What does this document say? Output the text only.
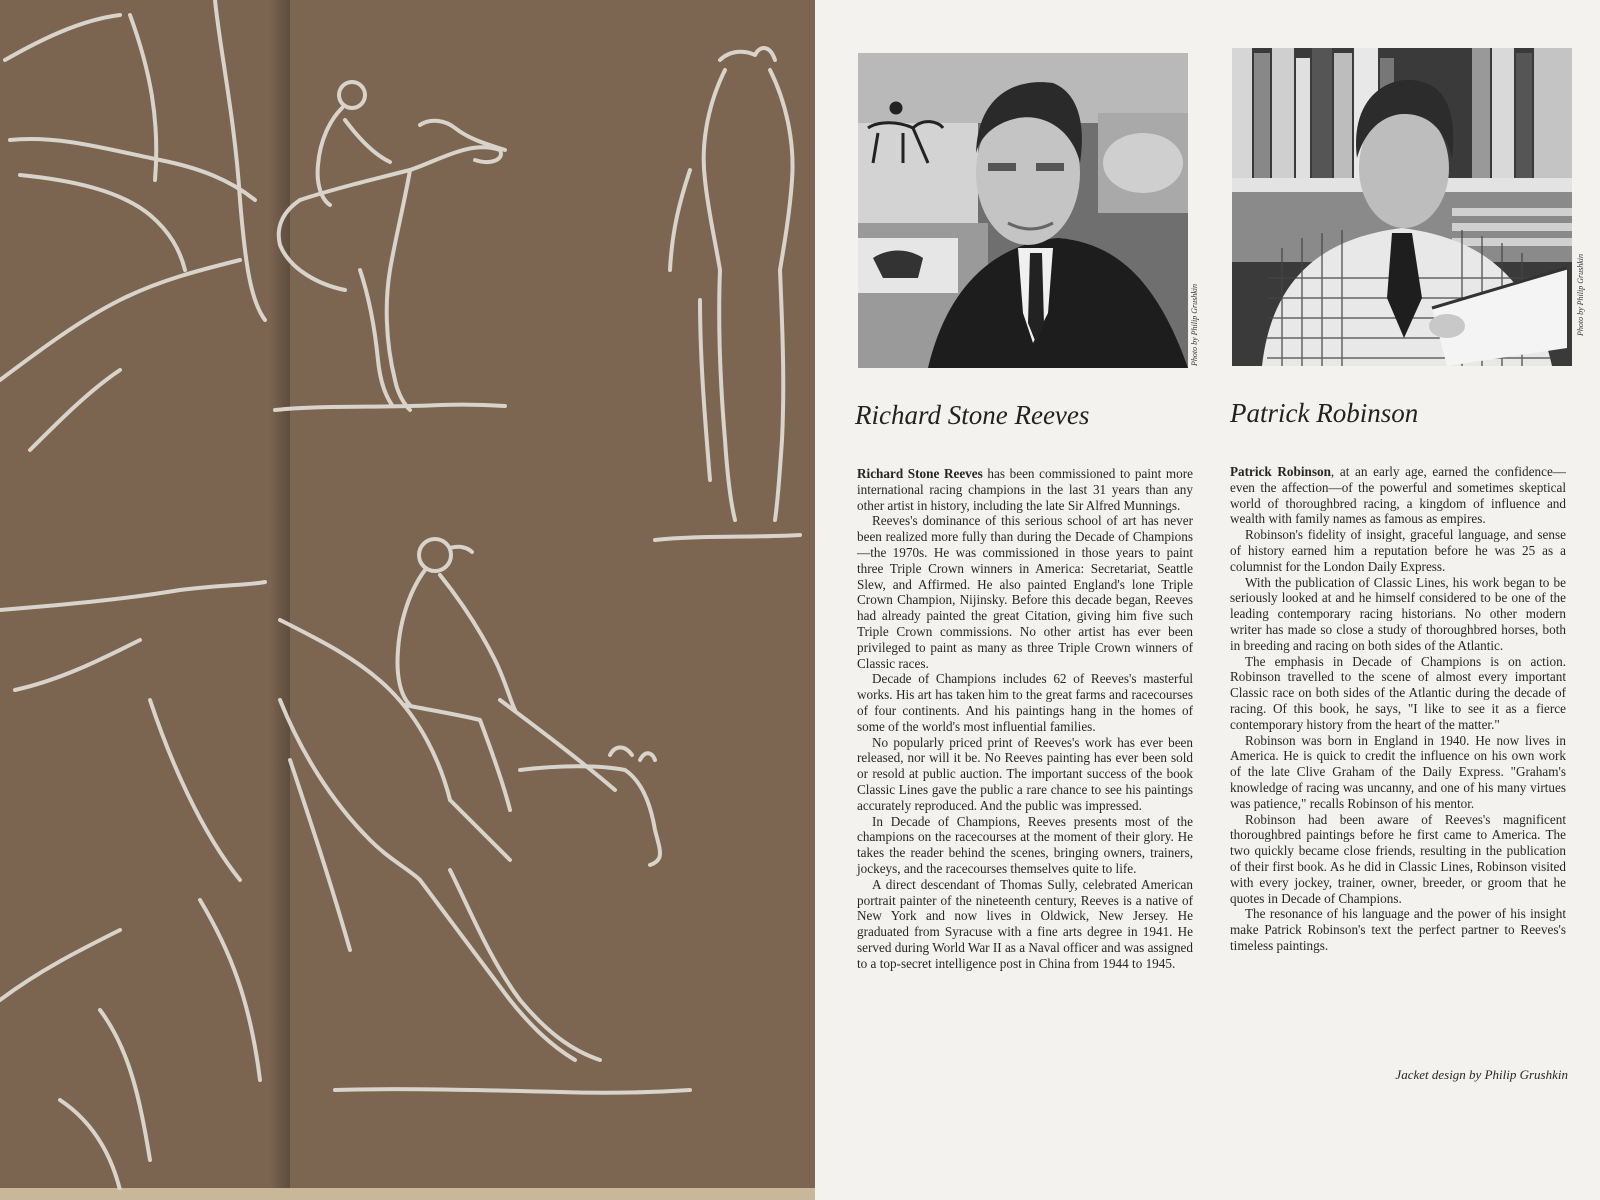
Photo by Philip Grushkin	Photo by Philip Grushkin
Richard Stone Reeves	Patrick Robinson

Richard Stone Reeves has been commissioned to paint more international racing champions in the last 31 years than any other artist in history, including the late Sir Alfred Munnings.

Reeves's dominance of this serious school of art has never been realized more fully than during the Decade of Champions—the 1970s. He was commissioned in those years to paint three Triple Crown winners in America: Secretariat, Seattle Slew, and Affirmed. He also painted England's lone Triple Crown Champion, Nijinsky. Before this decade began, Reeves had already painted the great Citation, giving him five such Triple Crown commissions. No other artist has ever been privileged to paint as many as three Triple Crown winners of Classic races.

Decade of Champions includes 62 of Reeves's masterful works. His art has taken him to the great farms and racecourses of four continents. And his paintings hang in the homes of some of the world's most influential families.

No popularly priced print of Reeves's work has ever been released, nor will it be. No Reeves painting has ever been sold or resold at public auction. The important success of the book Classic Lines gave the public a rare chance to see his paintings accurately reproduced. And the public was impressed.

In Decade of Champions, Reeves presents most of the champions on the racecourses at the moment of their glory. He takes the reader behind the scenes, bringing owners, trainers, jockeys, and the racecourses themselves quite to life.

A direct descendant of Thomas Sully, celebrated American portrait painter of the nineteenth century, Reeves is a native of New York and now lives in Oldwick, New Jersey. He graduated from Syracuse with a fine arts degree in 1941. He served during World War II as a Naval officer and was assigned to a top-secret intelligence post in China from 1944 to 1945.

Patrick Robinson, at an early age, earned the confidence—even the affection—of the powerful and sometimes skeptical world of thoroughbred racing, a kingdom of influence and wealth with family names as famous as empires.

Robinson's fidelity of insight, graceful language, and sense of history earned him a reputation before he was 25 as a columnist for the London Daily Express.

With the publication of Classic Lines, his work began to be seriously looked at and he himself considered to be one of the leading contemporary racing historians. No other modern writer has made so close a study of thoroughbred horses, both in breeding and racing on both sides of the Atlantic.

The emphasis in Decade of Champions is on action. Robinson travelled to the scene of almost every important Classic race on both sides of the Atlantic during the decade of racing. Of this book, he says, "I like to see it as a fierce contemporary history from the heart of the matter."

Robinson was born in England in 1940. He now lives in America. He is quick to credit the influence on his own work of the late Clive Graham of the Daily Express. "Graham's knowledge of racing was uncanny, and one of his many virtues was patience," recalls Robinson of his mentor.

Robinson had been aware of Reeves's magnificent thoroughbred paintings before he first came to America. The two quickly became close friends, resulting in the publication of their first book. As he did in Classic Lines, Robinson visited with every jockey, trainer, owner, breeder, or groom that he quotes in Decade of Champions.

The resonance of his language and the power of his insight make Patrick Robinson's text the perfect partner to Reeves's timeless paintings.

Jacket design by Philip Grushkin
